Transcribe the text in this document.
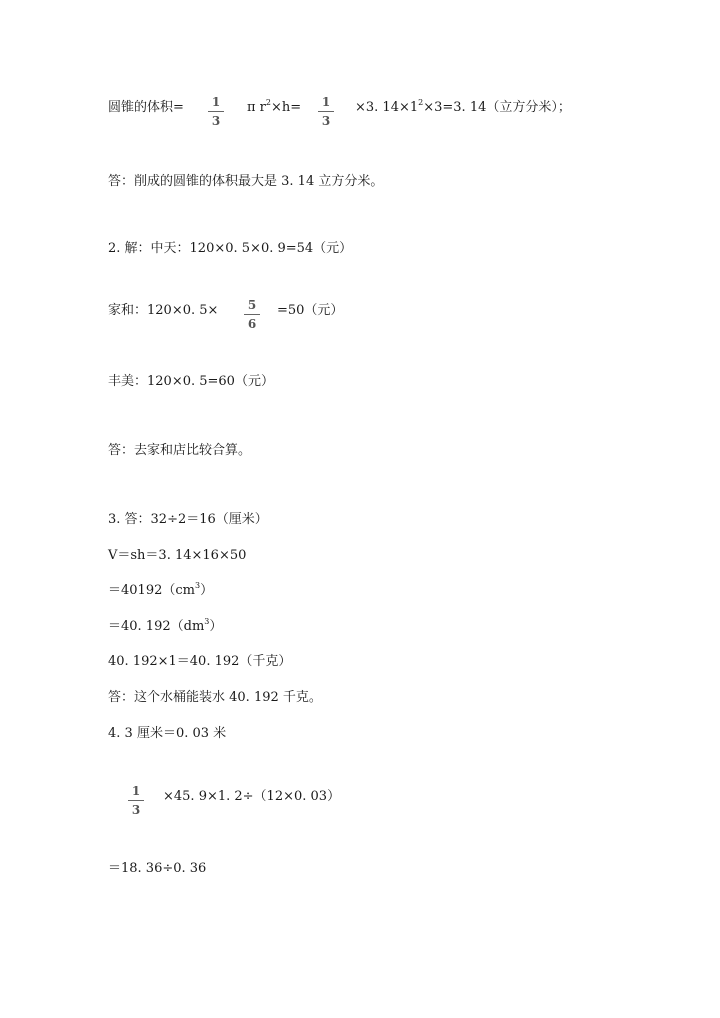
圆锥的体积=	1
3
π $r^2\times h=$	1
3
×3. $14\times 1^2\times 3=3$. 14（立方分米）；
答：削成的圆锥的体积最大是 3. 14 立方分米。
2. 解：中天：120×0. 5×0. 9=54（元）
家和：120×0. 5×	5
6
=50（元）
丰美：120×0. 5=60（元）
答：去家和店比较合算。
3. 答：32÷2＝16（厘米）
V＝sh＝3. 14×16×50
$=40192(cm^3)$
＝40. $192(dm^3)$
40. 192×1＝40. 192（千克）
答：这个水桶能装水 40. 192 千克。
4. 3 厘米＝0. 03 米
1
3
×45. 9×1. 2÷（12×0. 03）
＝18. 36÷0. 36
